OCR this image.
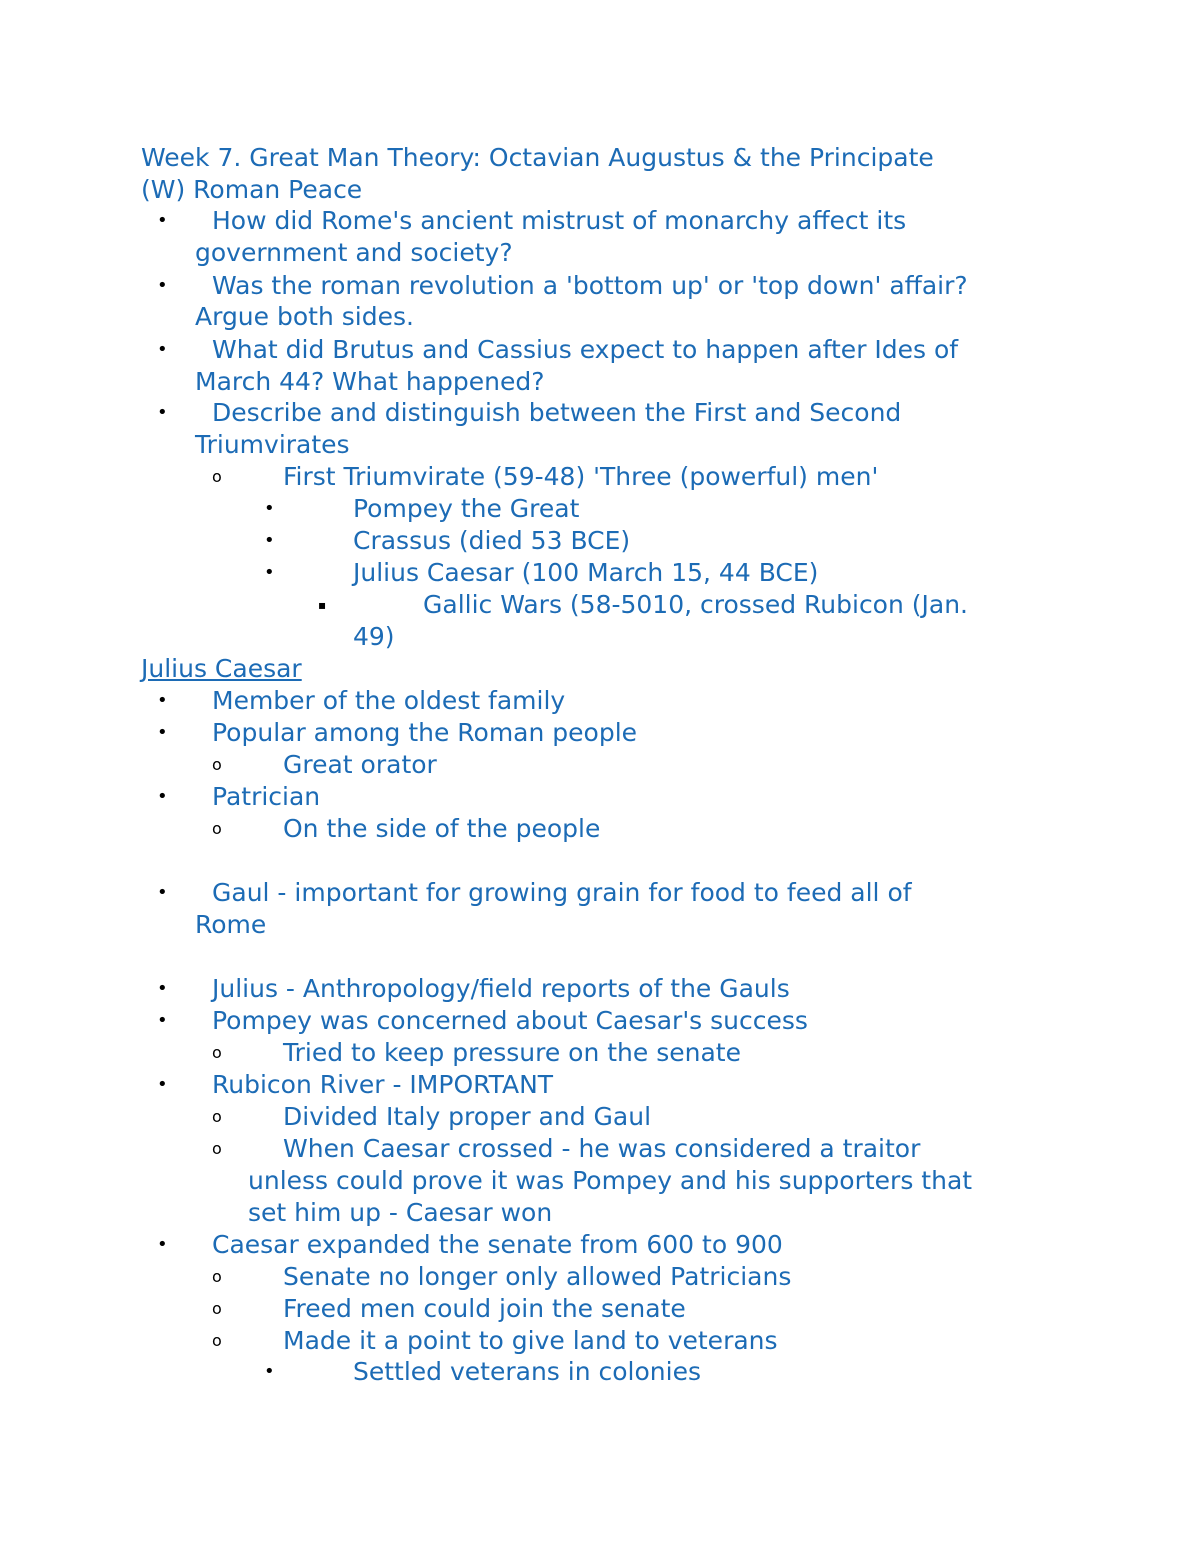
Week 7. Great Man Theory: Octavian Augustus & the Principate
(W) Roman Peace
• How did Rome's ancient mistrust of monarchy affect its
government and society?
• Was the roman revolution a 'bottom up' or 'top down' affair?
Argue both sides.
• What did Brutus and Cassius expect to happen after Ides of
March 44? What happened?
• Describe and distinguish between the First and Second
Triumvirates
o First Triumvirate (59-48) 'Three (powerful) men'
•	Pompey the Great
•	Crassus (died 53 BCE)
•	Julius Caesar (100 March 15, 44 BCE)
▪	Gallic Wars (58-5010, crossed Rubicon (Jan.
49)
Julius Caesar
• Member of the oldest family
• Popular among the Roman people
o Great orator
• Patrician
o On the side of the people
• Gaul - important for growing grain for food to feed all of
Rome
• Julius - Anthropology/field reports of the Gauls
• Pompey was concerned about Caesar's success
o Tried to keep pressure on the senate
• Rubicon River - IMPORTANT
o Divided Italy proper and Gaul
o When Caesar crossed - he was considered a traitor
unless could prove it was Pompey and his supporters that
set him up - Caesar won
• Caesar expanded the senate from 600 to 900
o Senate no longer only allowed Patricians
o Freed men could join the senate
o Made it a point to give land to veterans
•	Settled veterans in colonies
